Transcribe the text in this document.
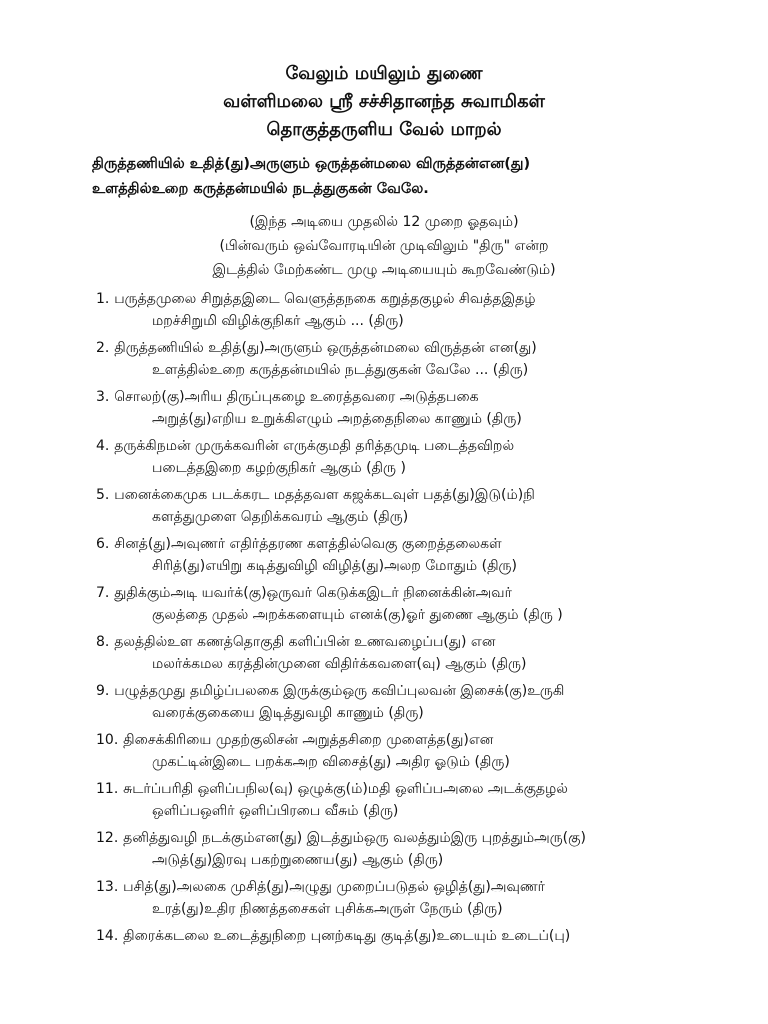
வேலும் மயிலும் துணை
வள்ளிமலை ஸ்ரீ சச்சிதானந்த சுவாமிகள்
தொகுத்தருளிய வேல் மாறல்
திருத்தணியில் உதித்(து)அருளும் ஒருத்தன்மலை விருத்தன்என(து)
உளத்தில்உறை கருத்தன்மயில் நடத்துகுகன் வேலே.
(இந்த அடியை முதலில் 12 முறை ஓதவும்)
(பின்வரும் ஒவ்வோரடியின் முடிவிலும் "திரு" என்ற
இடத்தில் மேற்கண்ட முழு அடியையும் கூறவேண்டும்)
1. பருத்தமுலை சிறுத்தஇடை வெளுத்தநகை கறுத்தகுழல் சிவத்தஇதழ்
மறச்சிறுமி விழிக்குநிகர் ஆகும் ... (திரு)
2. திருத்தணியில் உதித்(து)அருளும் ஒருத்தன்மலை விருத்தன் என(து)
உளத்தில்உறை கருத்தன்மயில் நடத்துகுகன் வேலே ... (திரு)
3. சொலற்(கு)அரிய திருப்புகழை உரைத்தவரை அடுத்தபகை
அறுத்(து)எறிய உறுக்கிஎழும் அறத்தைநிலை காணும் (திரு)
4. தருக்கிநமன் முருக்கவரின் எருக்குமதி தரித்தமுடி படைத்தவிறல்
படைத்தஇறை கழற்குநிகர் ஆகும் (திரு )
5. பனைக்கைமுக படக்கரட மதத்தவள கஜக்கடவுள் பதத்(து)இடு(ம்)நி
களத்துமுளை தெறிக்கவரம் ஆகும் (திரு)
6. சினத்(து)அவுணர் எதிர்த்தரண களத்தில்வெகு குறைத்தலைகள்
சிரித்(து)எயிறு கடித்துவிழி விழித்(து)அலற மோதும் (திரு)
7. துதிக்கும்அடி யவர்க்(கு)ஒருவர் கெடுக்கஇடர் நினைக்கின்அவர்
குலத்தை முதல் அறக்களையும் எனக்(கு)ஓர் துணை ஆகும் (திரு )
8. தலத்தில்உள கணத்தொகுதி களிப்பின் உணவழைப்ப(து) என
மலர்க்கமல கரத்தின்முனை விதிர்க்கவளை(வு) ஆகும் (திரு)
9. பழுத்தமுது தமிழ்ப்பலகை இருக்கும்ஒரு கவிப்புலவன் இசைக்(கு)உருகி
வரைக்குகையை இடித்துவழி காணும் (திரு)
10. திசைக்கிரியை முதற்குலிசன் அறுத்தசிறை முளைத்த(து)என
முகட்டின்இடை பறக்கஅற விசைத்(து) அதிர ஓடும் (திரு)
11. சுடர்ப்பரிதி ஒளிப்பநில(வு) ஒழுக்கு(ம்)மதி ஒளிப்பஅலை அடக்குதழல்
ஒளிப்பஒளிர் ஒளிப்பிரபை வீசும் (திரு)
12. தனித்துவழி நடக்கும்என(து) இடத்தும்ஒரு வலத்தும்இரு புறத்தும்அரு(கு)
அடுத்(து)இரவு பகற்றுணைய(து) ஆகும் (திரு)
13. பசித்(து)அலகை முசித்(து)அழுது முறைப்படுதல் ஒழித்(து)அவுணர்
உரத்(து)உதிர நிணத்தசைகள் புசிக்கஅருள் நேரும் (திரு)
14. திரைக்கடலை உடைத்துநிறை புனற்கடிது குடித்(து)உடையும் உடைப்(பு)
